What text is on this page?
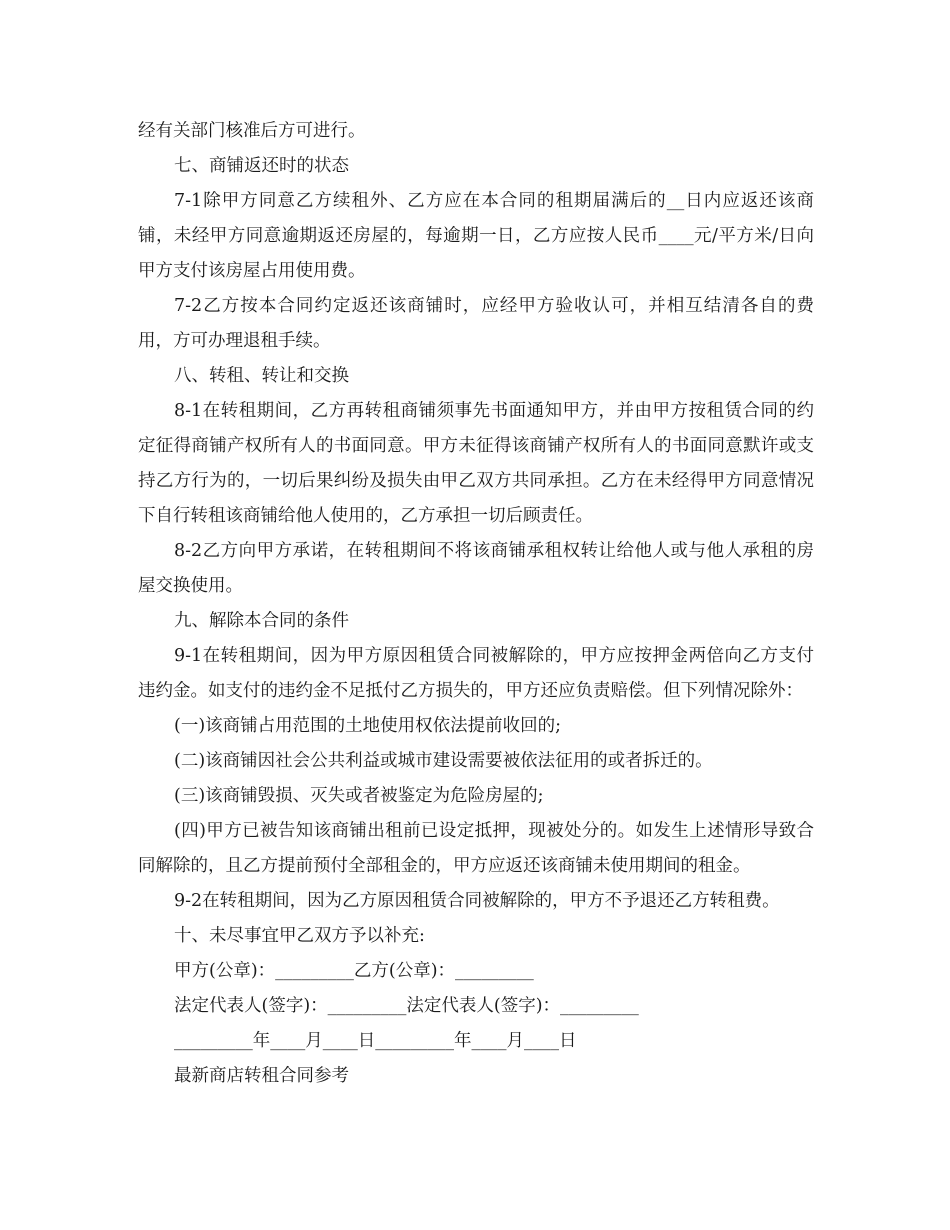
经有关部门核准后方可进行。

七、商铺返还时的状态

7-1除甲方同意乙方续租外、乙方应在本合同的租期届满后的__日内应返还该商铺，未经甲方同意逾期返还房屋的，每逾期一日，乙方应按人民币____元/平方米/日向甲方支付该房屋占用使用费。

7-2乙方按本合同约定返还该商铺时，应经甲方验收认可，并相互结清各自的费用，方可办理退租手续。

八、转租、转让和交换

8-1在转租期间，乙方再转租商铺须事先书面通知甲方，并由甲方按租赁合同的约定征得商铺产权所有人的书面同意。甲方未征得该商铺产权所有人的书面同意默许或支持乙方行为的，一切后果纠纷及损失由甲乙双方共同承担。乙方在未经得甲方同意情况下自行转租该商铺给他人使用的，乙方承担一切后顾责任。

8-2乙方向甲方承诺，在转租期间不将该商铺承租权转让给他人或与他人承租的房屋交换使用。

九、解除本合同的条件

9-1在转租期间，因为甲方原因租赁合同被解除的，甲方应按押金两倍向乙方支付违约金。如支付的违约金不足抵付乙方损失的，甲方还应负责赔偿。但下列情况除外：

(一)该商铺占用范围的土地使用权依法提前收回的;

(二)该商铺因社会公共利益或城市建设需要被依法征用的或者拆迁的。

(三)该商铺毁损、灭失或者被鉴定为危险房屋的;

(四)甲方已被告知该商铺出租前已设定抵押，现被处分的。如发生上述情形导致合同解除的，且乙方提前预付全部租金的，甲方应返还该商铺未使用期间的租金。

9-2在转租期间，因为乙方原因租赁合同被解除的，甲方不予退还乙方转租费。

十、未尽事宜甲乙双方予以补充:

甲方(公章)：_________乙方(公章)：_________

法定代表人(签字)：_________法定代表人(签字)：_________

_________年____月____日_________年____月____日

最新商店转租合同参考
